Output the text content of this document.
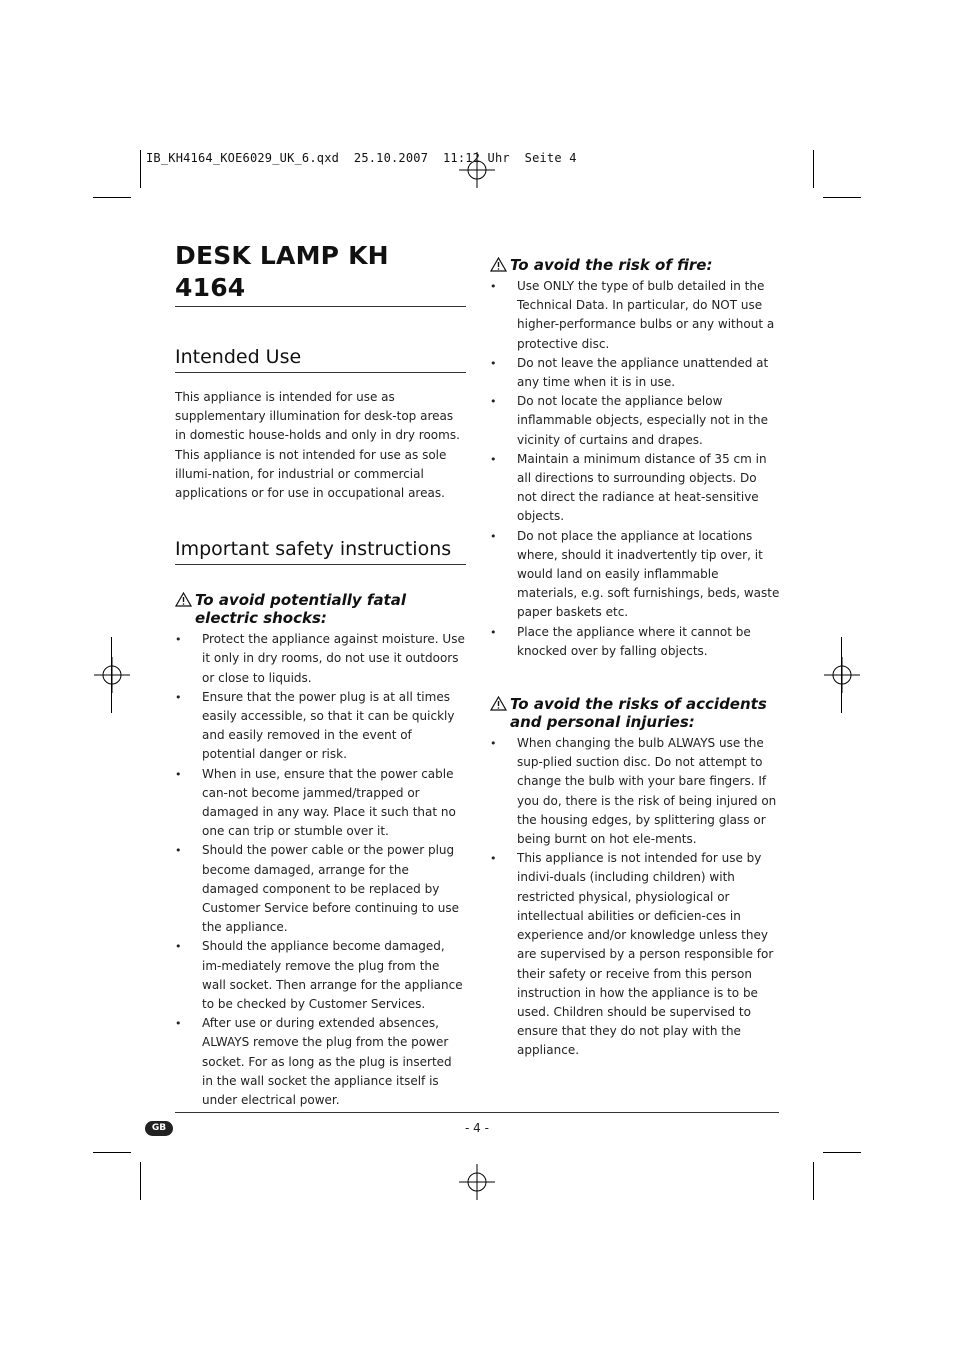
IB_KH4164_KOE6029_UK_6.qxd  25.10.2007  11:12 Uhr  Seite 4
DESK LAMP KH 4164
Intended Use

This appliance is intended for use as supplementary illumination for desk-top areas in domestic house-holds and only in dry rooms.

This appliance is not intended for use as sole illumi-nation, for industrial or commercial applications or for use in occupational areas.

Important safety instructions
To avoid potentially fatal electric shocks:
• Protect the appliance against moisture. Use it only in dry rooms, do not use it outdoors or close to liquids.
• Ensure that the power plug is at all times easily accessible, so that it can be quickly and easily removed in the event of potential danger or risk.
• When in use, ensure that the power cable can-not become jammed/trapped or damaged in any way. Place it such that no one can trip or stumble over it.
• Should the power cable or the power plug become damaged, arrange for the damaged component to be replaced by Customer Service before continuing to use the appliance.
• Should the appliance become damaged, im-mediately remove the plug from the wall socket. Then arrange for the appliance to be checked by Customer Services.
• After use or during extended absences, ALWAYS remove the plug from the power socket. For as long as the plug is inserted in the wall socket the appliance itself is under electrical power.
To avoid the risk of fire:
• Use ONLY the type of bulb detailed in the Technical Data. In particular, do NOT use higher-performance bulbs or any without a protective disc.
• Do not leave the appliance unattended at any time when it is in use.
• Do not locate the appliance below inflammable objects, especially not in the vicinity of curtains and drapes.
• Maintain a minimum distance of 35 cm in all directions to surrounding objects. Do not direct the radiance at heat-sensitive objects.
• Do not place the appliance at locations where, should it inadvertently tip over, it would land on easily inflammable materials, e.g. soft furnishings, beds, waste paper baskets etc.
• Place the appliance where it cannot be knocked over by falling objects.
To avoid the risks of accidents and personal injuries:
• When changing the bulb ALWAYS use the sup-plied suction disc. Do not attempt to change the bulb with your bare fingers. If you do, there is the risk of being injured on the housing edges, by splittering glass or being burnt on hot ele-ments.
• This appliance is not intended for use by indivi-duals (including children) with restricted physical, physiological or intellectual abilities or deficien-ces in experience and/or knowledge unless they are supervised by a person responsible for their safety or receive from this person instruction in how the appliance is to be used. Children should be supervised to ensure that they do not play with the appliance.
GB	- 4 -
